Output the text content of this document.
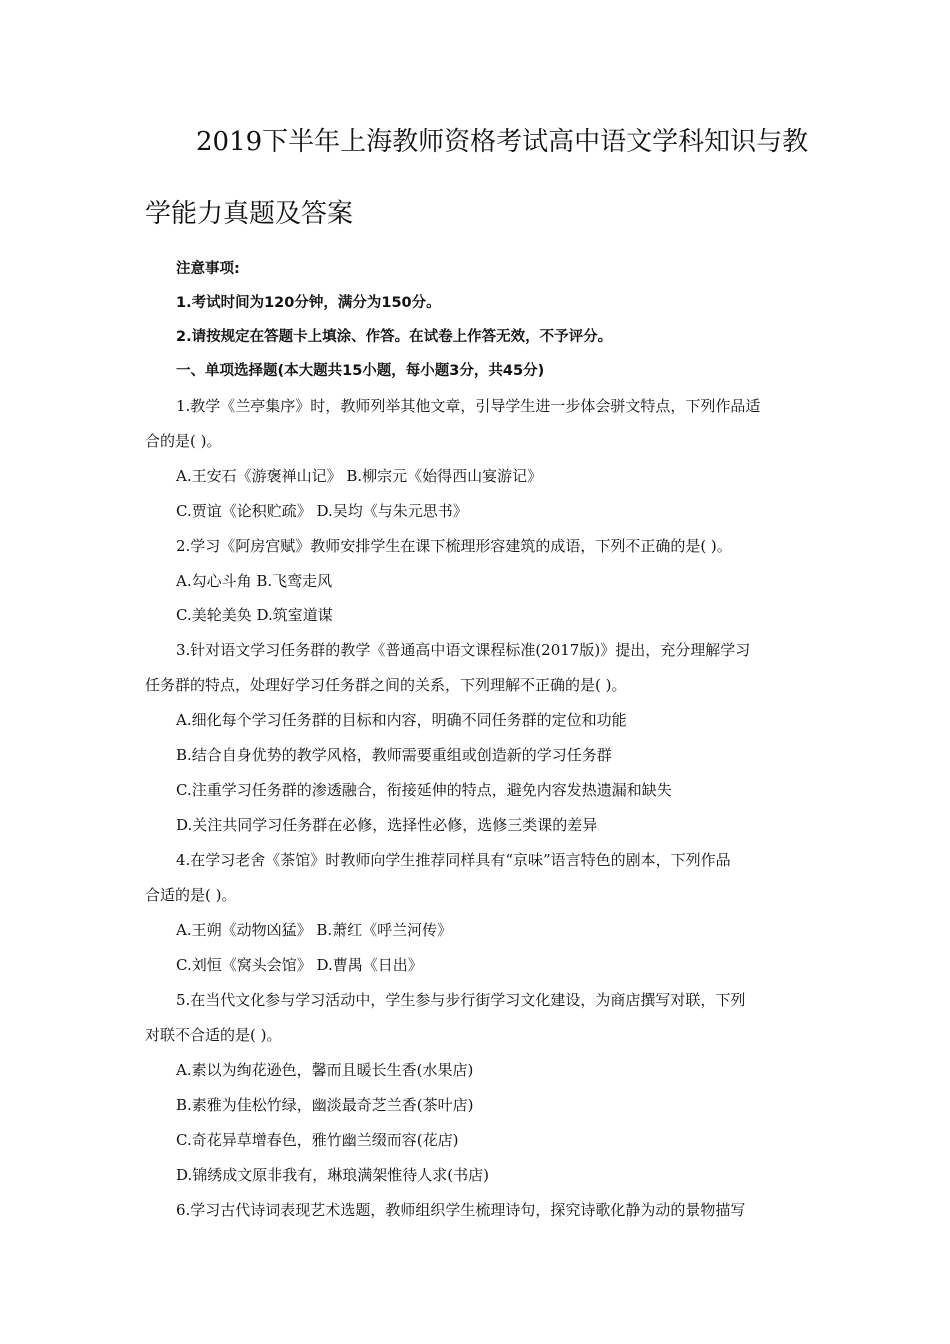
2019下半年上海教师资格考试高中语文学科知识与教
学能力真题及答案
注意事项:
1.考试时间为120分钟，满分为150分。
2.请按规定在答题卡上填涂、作答。在试卷上作答无效，不予评分。
一、单项选择题(本大题共15小题，每小题3分，共45分)
1.教学《兰亭集序》时，教师列举其他文章，引导学生进一步体会骈文特点，下列作品适
合的是( )。
A.王安石《游褒禅山记》 B.柳宗元《始得西山宴游记》
C.贾谊《论积贮疏》 D.吴均《与朱元思书》
2.学习《阿房宫赋》教师安排学生在课下梳理形容建筑的成语，下列不正确的是( )。
A.勾心斗角 B.飞鸾走风
C.美轮美奂 D.筑室道谋
3.针对语文学习任务群的教学《普通高中语文课程标准(2017版)》提出，充分理解学习
任务群的特点，处理好学习任务群之间的关系，下列理解不正确的是( )。
A.细化每个学习任务群的目标和内容，明确不同任务群的定位和功能
B.结合自身优势的教学风格，教师需要重组或创造新的学习任务群
C.注重学习任务群的渗透融合，衔接延伸的特点，避免内容发热遗漏和缺失
D.关注共同学习任务群在必修，选择性必修，选修三类课的差异
4.在学习老舍《茶馆》时教师向学生推荐同样具有“京味”语言特色的剧本，下列作品
合适的是( )。
A.王朔《动物凶猛》 B.萧红《呼兰河传》
C.刘恒《窝头会馆》 D.曹禺《日出》
5.在当代文化参与学习活动中，学生参与步行街学习文化建设，为商店撰写对联，下列
对联不合适的是( )。
A.素以为绚花逊色，馨而且暖长生香(水果店)
B.素雅为佳松竹绿，幽淡最奇芝兰香(茶叶店)
C.奇花异草增春色，雅竹幽兰缀而容(花店)
D.锦绣成文原非我有，琳琅满架惟待人求(书店)
6.学习古代诗词表现艺术选题，教师组织学生梳理诗句，探究诗歌化静为动的景物描写
